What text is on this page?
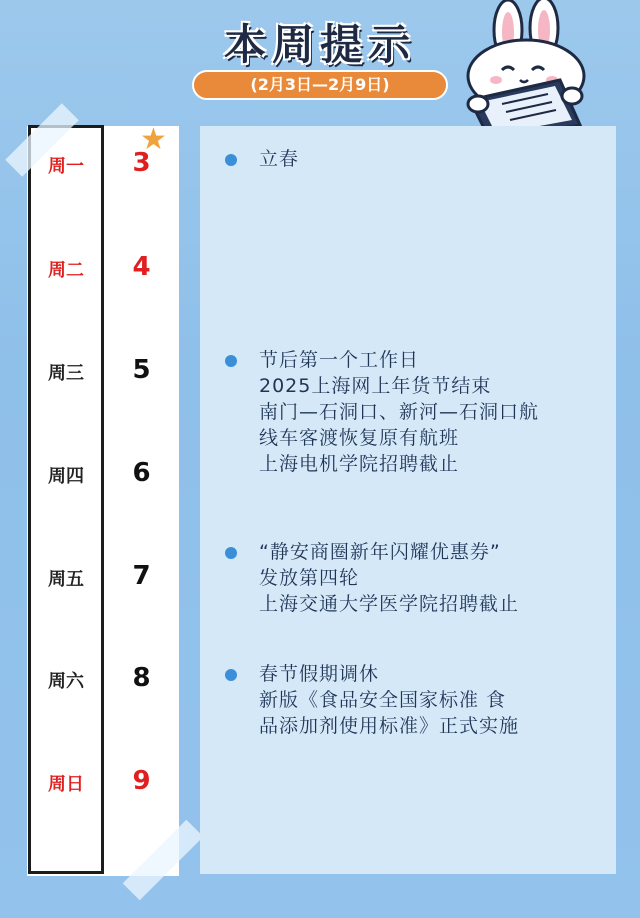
本周提示
(2月3日—2月9日)
★
周一	3
周二	4
周三	5
周四	6
周五	7
周六	8
周日	9
立春
节后第一个工作日
2025上海网上年货节结束
南门—石洞口、新河—石洞口航
线车客渡恢复原有航班
上海电机学院招聘截止
“静安商圈新年闪耀优惠券”
发放第四轮
上海交通大学医学院招聘截止
春节假期调休
新版《食品安全国家标准 食
品添加剂使用标准》正式实施
